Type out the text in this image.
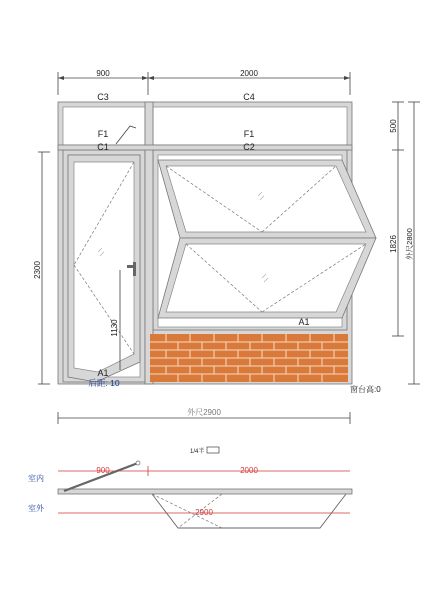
900	2000
C3	C4
F1
C1
F1
C2
1130
A1
后距: 10
A1
2300
500
1826 外尺2800
窗台高:0
外尺2900
1/4半
室内
室外
900	2000
2900
